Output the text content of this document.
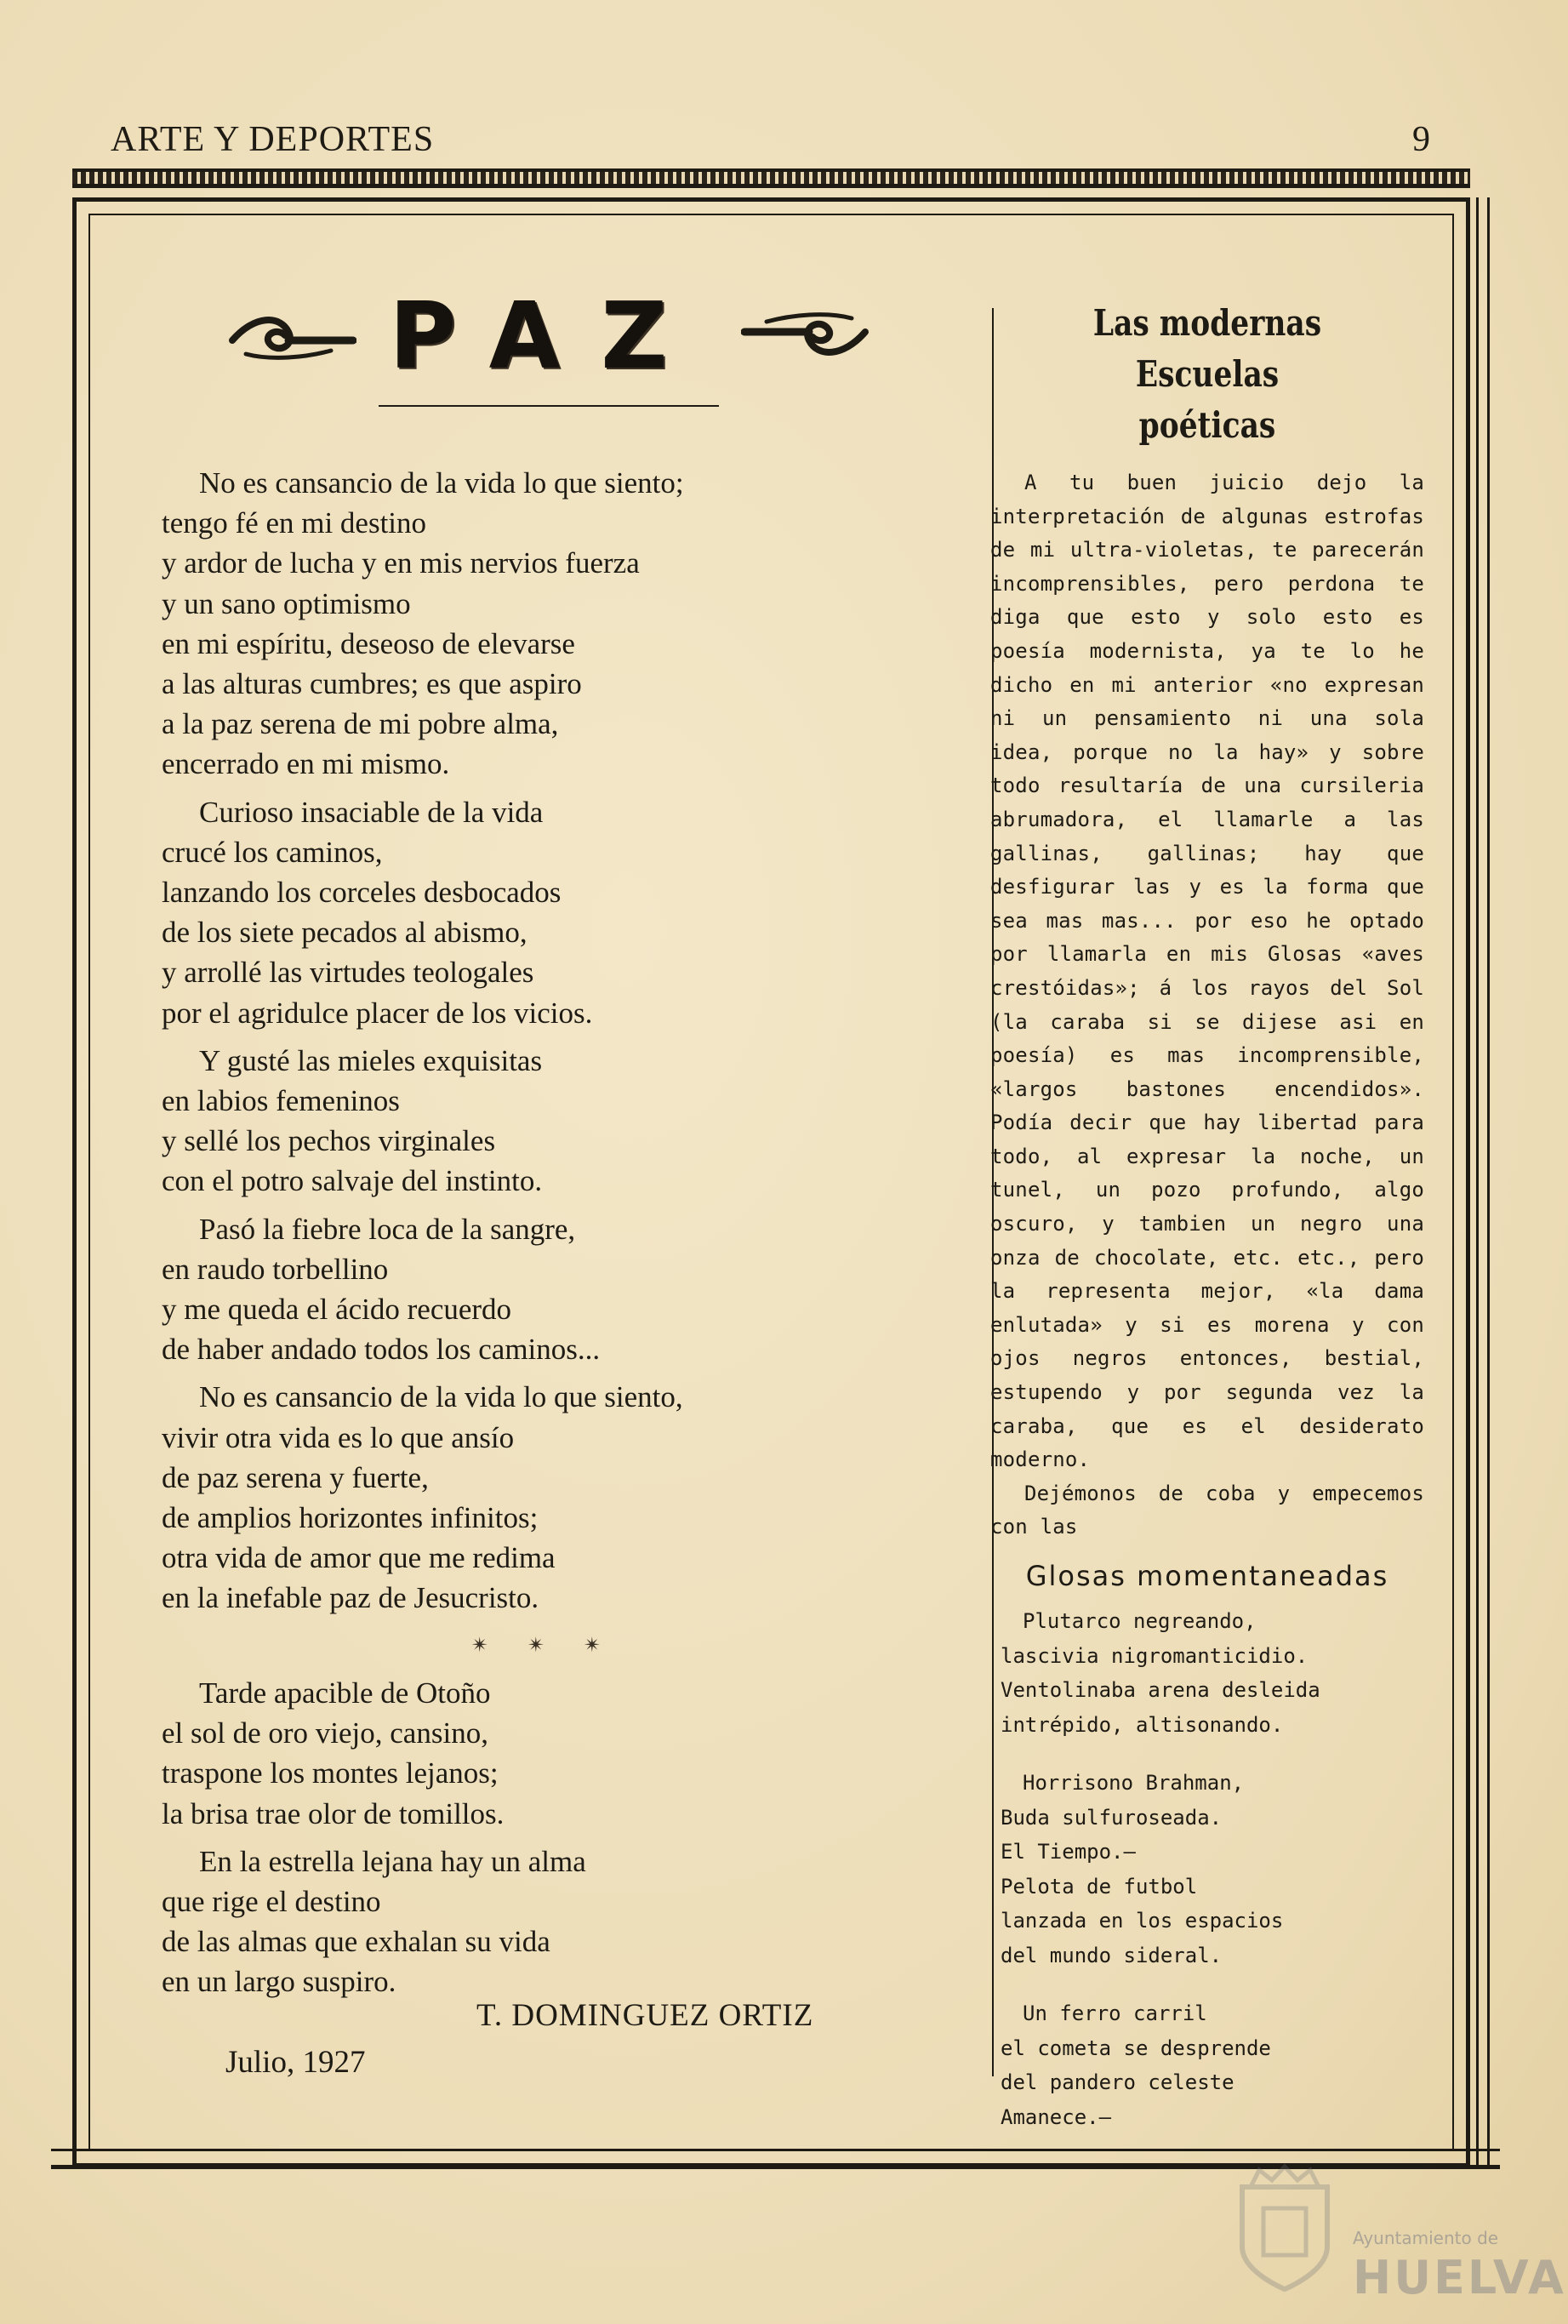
ARTE Y DEPORTES	9
PAZ
No es cansancio de la vida lo que siento;
tengo fé en mi destino
y ardor de lucha y en mis nervios fuerza
y un sano optimismo
en mi espíritu, deseoso de elevarse
a las alturas cumbres; es que aspiro
a la paz serena de mi pobre alma,
encerrado en mi mismo.
Curioso insaciable de la vida
crucé los caminos,
lanzando los corceles desbocados
de los siete pecados al abismo,
y arrollé las virtudes teologales
por el agridulce placer de los vicios.
Y gusté las mieles exquisitas
en labios femeninos
y sellé los pechos virginales
con el potro salvaje del instinto.
Pasó la fiebre loca de la sangre,
en raudo torbellino
y me queda el ácido recuerdo
de haber andado todos los caminos...
No es cansancio de la vida lo que siento,
vivir otra vida es lo que ansío
de paz serena y fuerte,
de amplios horizontes infinitos;
otra vida de amor que me redima
en la inefable paz de Jesucristo.
✴ ✴ ✴
Tarde apacible de Otoño
el sol de oro viejo, cansino,
traspone los montes lejanos;
la brisa trae olor de tomillos.
En la estrella lejana hay un alma
que rige el destino
de las almas que exhalan su vida
en un largo suspiro.
T. DOMINGUEZ ORTIZ
Julio, 1927
Las modernas Escuelas
poéticas

A tu buen juicio dejo la interpretación de algunas estrofas de mi ultra-violetas, te parecerán incomprensibles, pero perdona te diga que esto y solo esto es poesía modernista, ya te lo he dicho en mi anterior «no expresan ni un pensamiento ni una sola idea, porque no la hay» y sobre todo resultaría de una cursileria abrumadora, el llamarle a las gallinas, gallinas; hay que desfigurar las y es la forma que sea mas mas... por eso he optado por llamarla en mis Glosas «aves crestóidas»; á los rayos del Sol (la caraba si se dijese asi en poesía) es mas incomprensible, «largos bastones encendidos». Podía decir que hay libertad para todo, al expresar la noche, un tunel, un pozo profundo, algo oscuro, y tambien un negro una onza de chocolate, etc. etc., pero la representa mejor, «la dama enlutada» y si es morena y con ojos negros entonces, bestial, estupendo y por segunda vez la caraba, que es el desiderato moderno.

Dejémonos de coba y empecemos con las

Glosas momentaneadas
Plutarco negreando,
lascivia nigromanticidio.
Ventolinaba arena desleida
intrépido, altisonando.
Horrisono Brahman,
Buda sulfuroseada.
El Tiempo.—
Pelota de futbol
lanzada en los espacios
del mundo sideral.
Un ferro carril
el cometa se desprende
del pandero celeste
Amanece.—
Ayuntamiento de
HUELVA
